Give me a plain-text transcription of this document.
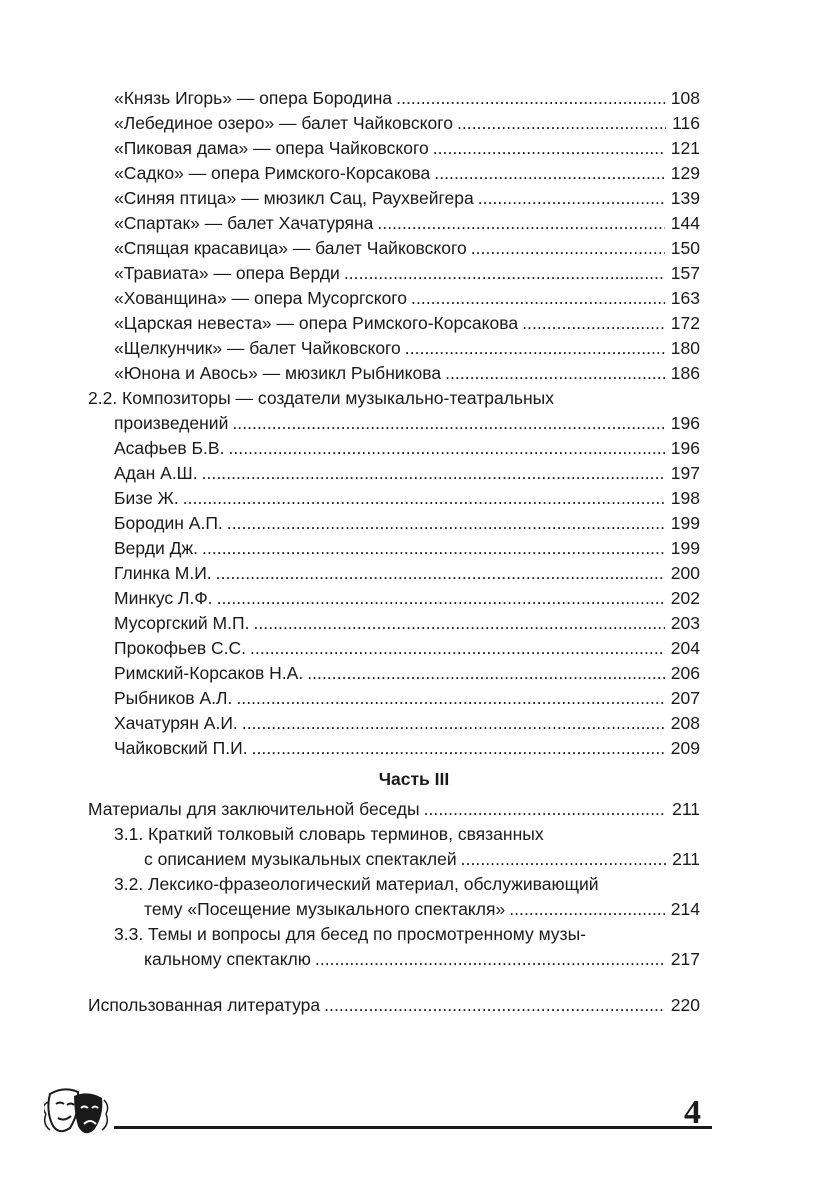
«Князь Игорь» — опера Бородина . . .	108
«Лебединое озеро» — балет Чайковского . . .	116
«Пиковая дама» — опера Чайковского . . .	121
«Садко» — опера Римского-Корсакова . . .	129
«Синяя птица» — мюзикл Сац, Раухвейгера . . .	139
«Спартак» — балет Хачатуряна . . .	144
«Спящая красавица» — балет Чайковского . . .	150
«Травиата» — опера Верди . . .	157
«Хованщина» — опера Мусоргского . . .	163
«Царская невеста» — опера Римского-Корсакова . . .	172
«Щелкунчик» — балет Чайковского . . .	180
«Юнона и Авось» — мюзикл Рыбникова . . .	186
2.2. Композиторы — создатели музыкально-театральных
произведений . . .	196
Асафьев Б.В. . . .	196
Адан А.Ш. . . .	197
Бизе Ж. . . .	198
Бородин А.П. . . .	199
Верди Дж. . . .	199
Глинка М.И. . . .	200
Минкус Л.Ф. . . .	202
Мусоргский М.П. . . .	203
Прокофьев С.С. . . .	204
Римский-Корсаков Н.А. . . .	206
Рыбников А.Л. . . .	207
Хачатурян А.И. . . .	208
Чайковский П.И. . . .	209
Часть III
Материалы для заключительной беседы . . .	211
3.1. Краткий толковый словарь терминов, связанных
с описанием музыкальных спектаклей . . .	211
3.2. Лексико-фразеологический материал, обслуживающий
тему «Посещение музыкального спектакля» . . .	214
3.3. Темы и вопросы для бесед по просмотренному музы-
кальному спектаклю . . .	217
Использованная литература . . .	220
4
